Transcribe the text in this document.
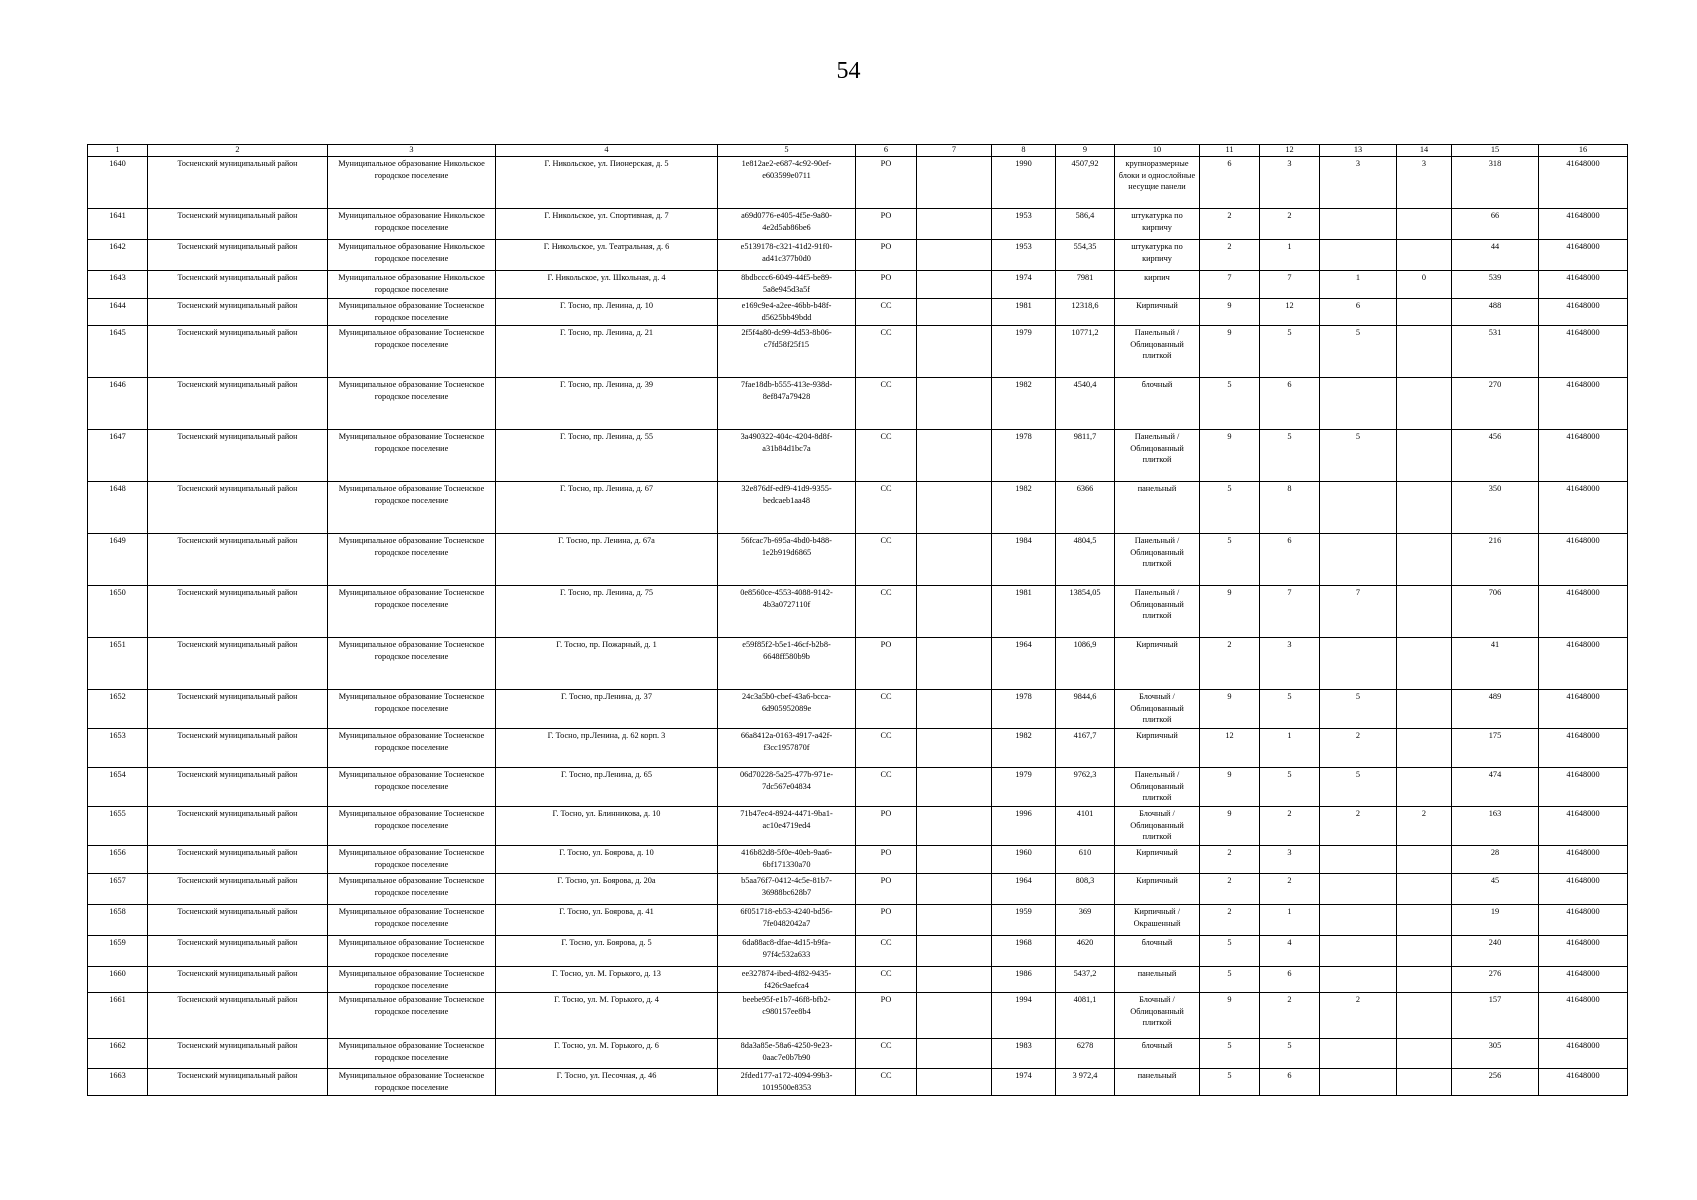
54
1	2	3	4	5	6	7	8	9	10	11	12	13	14	15	16
1640	Тосненский муниципальный район	Муниципальное образование Никольское городское поселение	Г. Никольское, ул. Пионерская, д. 5	1e812ae2-e687-4c92-90ef-e603599e0711	РО		1990	4507,92	крупноразмерные блоки и однослойные несущие панели	6	3	3	3	318	41648000
1641	Тосненский муниципальный район	Муниципальное образование Никольское городское поселение	Г. Никольское, ул. Спортивная, д. 7	a69d0776-e405-4f5e-9a80-4e2d5ab86be6	РО		1953	586,4	штукатурка по кирпичу	2	2			66	41648000
1642	Тосненский муниципальный район	Муниципальное образование Никольское городское поселение	Г. Никольское, ул. Театральная, д. 6	e5139178-c321-41d2-91f0-ad41c377b0d0	РО		1953	554,35	штукатурка по кирпичу	2	1			44	41648000
1643	Тосненский муниципальный район	Муниципальное образование Никольское городское поселение	Г. Никольское, ул. Школьная, д. 4	8bdbccc6-6049-44f5-be89-5a8e945d3a5f	РО		1974	7981	кирпич	7	7	1	0	539	41648000
1644	Тосненский муниципальный район	Муниципальное образование Тосненское городское поселение	Г. Тосно, пр. Ленина, д. 10	e169c9e4-a2ee-46bb-b48f-d5625bb49bdd	СС		1981	12318,6	Кирпичный	9	12	6		488	41648000
1645	Тосненский муниципальный район	Муниципальное образование Тосненское городское поселение	Г. Тосно, пр. Ленина, д. 21	2f5f4a80-dc99-4d53-8b06-c7fd58f25f15	СС		1979	10771,2	Панельный / Облицованный плиткой	9	5	5		531	41648000
1646	Тосненский муниципальный район	Муниципальное образование Тосненское городское поселение	Г. Тосно, пр. Ленина, д. 39	7fae18db-b555-413e-938d-8ef847a79428	СС		1982	4540,4	блочный	5	6			270	41648000
1647	Тосненский муниципальный район	Муниципальное образование Тосненское городское поселение	Г. Тосно, пр. Ленина, д. 55	3a490322-404c-4204-8d8f-a31b84d1bc7a	СС		1978	9811,7	Панельный / Облицованный плиткой	9	5	5		456	41648000
1648	Тосненский муниципальный район	Муниципальное образование Тосненское городское поселение	Г. Тосно, пр. Ленина, д. 67	32e876df-edf9-41d9-9355-bedcaeb1aa48	СС		1982	6366	панельный	5	8			350	41648000
1649	Тосненский муниципальный район	Муниципальное образование Тосненское городское поселение	Г. Тосно, пр. Ленина, д. 67а	56fcac7b-695a-4bd0-b488-1e2b919d6865	СС		1984	4804,5	Панельный / Облицованный плиткой	5	6			216	41648000
1650	Тосненский муниципальный район	Муниципальное образование Тосненское городское поселение	Г. Тосно, пр. Ленина, д. 75	0e8560ce-4553-4088-9142-4b3a0727110f	СС		1981	13854,05	Панельный / Облицованный плиткой	9	7	7		706	41648000
1651	Тосненский муниципальный район	Муниципальное образование Тосненское городское поселение	Г. Тосно, пр. Пожарный, д. 1	e59f85f2-b5e1-46cf-b2b8-6648ff580b9b	РО		1964	1086,9	Кирпичный	2	3			41	41648000
1652	Тосненский муниципальный район	Муниципальное образование Тосненское городское поселение	Г. Тосно, пр.Ленина, д. 37	24c3a5b0-cbef-43a6-bcca-6d905952089e	СС		1978	9844,6	Блочный / Облицованный плиткой	9	5	5		489	41648000
1653	Тосненский муниципальный район	Муниципальное образование Тосненское городское поселение	Г. Тосно, пр.Ленина, д. 62 корп. 3	66a8412a-0163-4917-a42f-f3cc1957870f	СС		1982	4167,7	Кирпичный	12	1	2		175	41648000
1654	Тосненский муниципальный район	Муниципальное образование Тосненское городское поселение	Г. Тосно, пр.Ленина, д. 65	06d70228-5a25-477b-971e-7dc567e04834	СС		1979	9762,3	Панельный / Облицованный плиткой	9	5	5		474	41648000
1655	Тосненский муниципальный район	Муниципальное образование Тосненское городское поселение	Г. Тосно, ул. Блинникова, д. 10	71b47ec4-8924-4471-9ba1-ac10e4719ed4	РО		1996	4101	Блочный / Облицованный плиткой	9	2	2	2	163	41648000
1656	Тосненский муниципальный район	Муниципальное образование Тосненское городское поселение	Г. Тосно, ул. Боярова, д. 10	416b82d8-5f0e-40eb-9aa6-6bf171330a70	РО		1960	610	Кирпичный	2	3			28	41648000
1657	Тосненский муниципальный район	Муниципальное образование Тосненское городское поселение	Г. Тосно, ул. Боярова, д. 20а	b5aa76f7-0412-4c5e-81b7-36988bc628b7	РО		1964	808,3	Кирпичный	2	2			45	41648000
1658	Тосненский муниципальный район	Муниципальное образование Тосненское городское поселение	Г. Тосно, ул. Боярова, д. 41	6f051718-eb53-4240-bd56-7fe0482042a7	РО		1959	369	Кирпичный / Окрашенный	2	1			19	41648000
1659	Тосненский муниципальный район	Муниципальное образование Тосненское городское поселение	Г. Тосно, ул. Боярова, д. 5	6da88ac8-dfae-4d15-b9fa-97f4c532a633	СС		1968	4620	блочный	5	4			240	41648000
1660	Тосненский муниципальный район	Муниципальное образование Тосненское городское поселение	Г. Тосно, ул. М. Горького, д. 13	ee327874-ibed-4f82-9435-f426c9aefca4	СС		1986	5437,2	панельный	5	6			276	41648000
1661	Тосненский муниципальный район	Муниципальное образование Тосненское городское поселение	Г. Тосно, ул. М. Горького, д. 4	beebe95f-e1b7-46f8-bfb2-c980157ee8b4	РО		1994	4081,1	Блочный / Облицованный плиткой	9	2	2		157	41648000
1662	Тосненский муниципальный район	Муниципальное образование Тосненское городское поселение	Г. Тосно, ул. М. Горького, д. 6	8da3a85e-58a6-4250-9e23-0aac7e0b7b90	СС		1983	6278	блочный	5	5			305	41648000
1663	Тосненский муниципальный район	Муниципальное образование Тосненское городское поселение	Г. Тосно, ул. Песочная, д. 46	2fded177-a172-4094-99b3-1019500e8353	СС		1974	3 972,4	панельный	5	6			256	41648000
